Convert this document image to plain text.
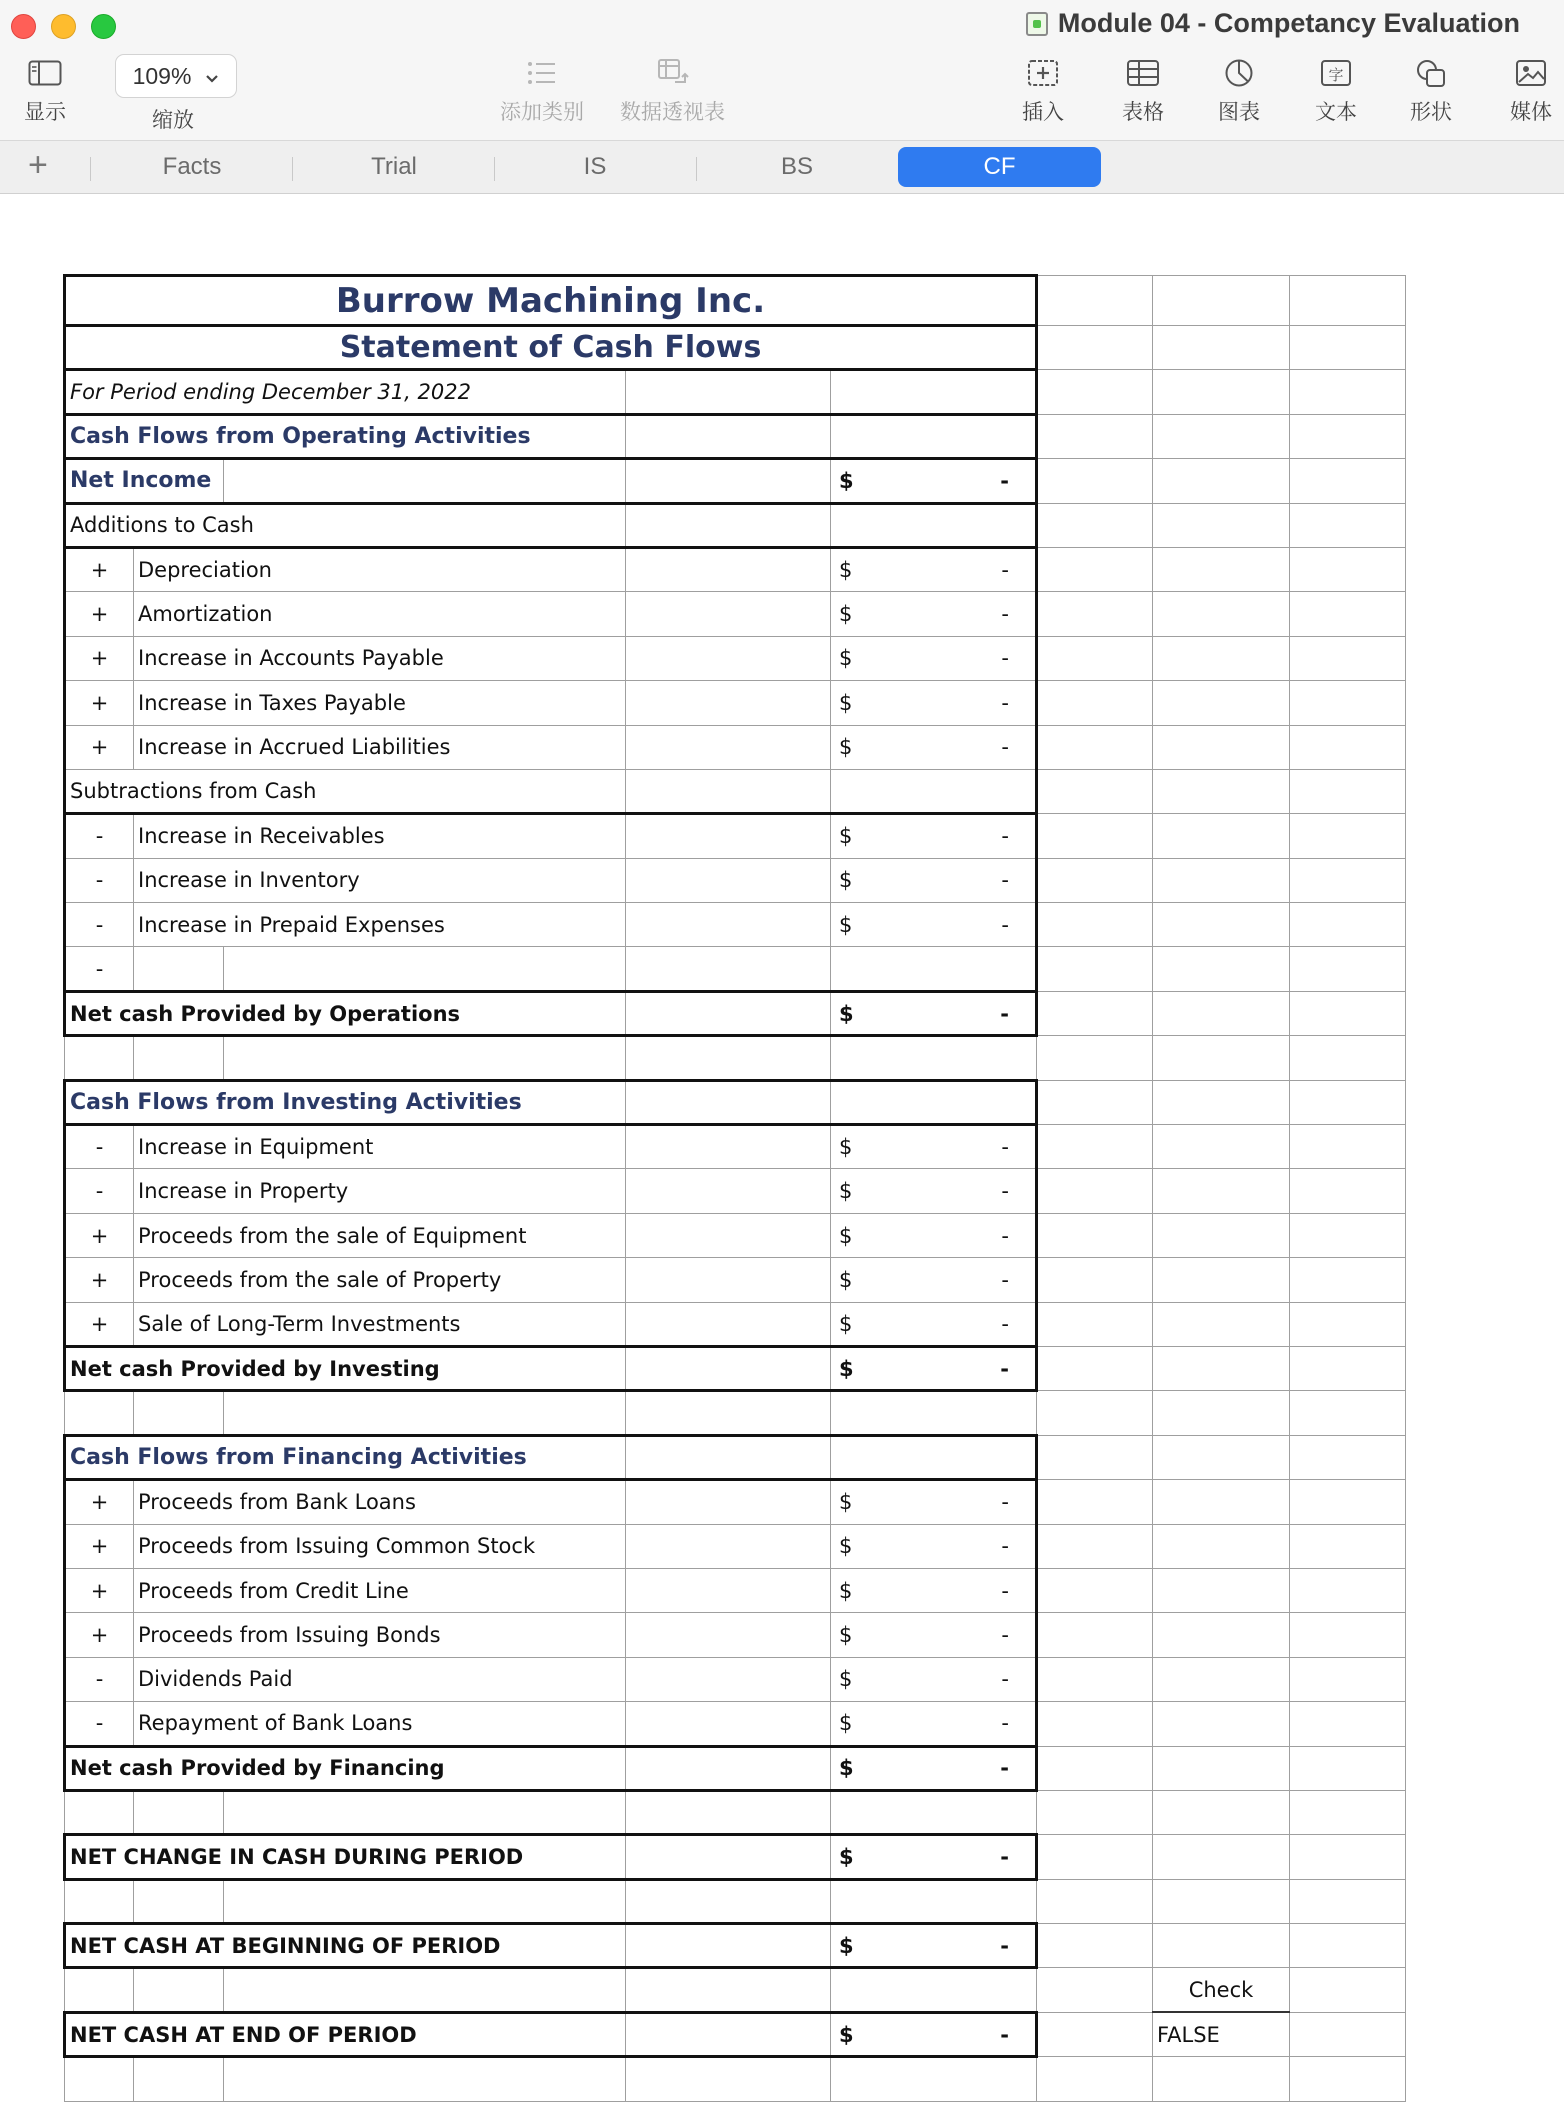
Module 04 - Competancy Evaluation
显示
109%
缩放	添加类别 数据透视表	插入	表格	图表
字
文本	形状	媒体
+	Facts	Trial	IS	BS	CF
Burrow Machining Inc.							
Statement of Cash Flows							
For Period ending December 31, 2022							
Cash Flows from Operating Activities							
Net Income				$ -			

Additions to Cash							
+	Depreciation			$ -			

+	Amortization			$ -			

+	Increase in Accounts Payable			$ -			

+	Increase in Taxes Payable			$ -			

+	Increase in Accrued Liabilities			$ -			

Subtractions from Cash							
-	Increase in Receivables			$ -			

-	Increase in Inventory			$ -			

-	Increase in Prepaid Expenses			$ -			

-							
Net cash Provided by Operations				$ -			

Cash Flows from Investing Activities							
-	Increase in Equipment			$ -			

-	Increase in Property			$ -			

+	Proceeds from the sale of Equipment			$ -			

+	Proceeds from the sale of Property			$ -			

+	Sale of Long-Term Investments			$ -			

Net cash Provided by Investing				$ -			

Cash Flows from Financing Activities							
+	Proceeds from Bank Loans			$ -			

+	Proceeds from Issuing Common Stock			$ -			

+	Proceeds from Credit Line			$ -			

+	Proceeds from Issuing Bonds			$ -			

-	Dividends Paid			$ -			

-	Repayment of Bank Loans			$ -			

Net cash Provided by Financing				$ -			

NET CHANGE IN CASH DURING PERIOD				$ -			

NET CASH AT BEGINNING OF PERIOD				$ -			

						Check	
NET CASH AT END OF PERIOD				$ -		FALSE	
